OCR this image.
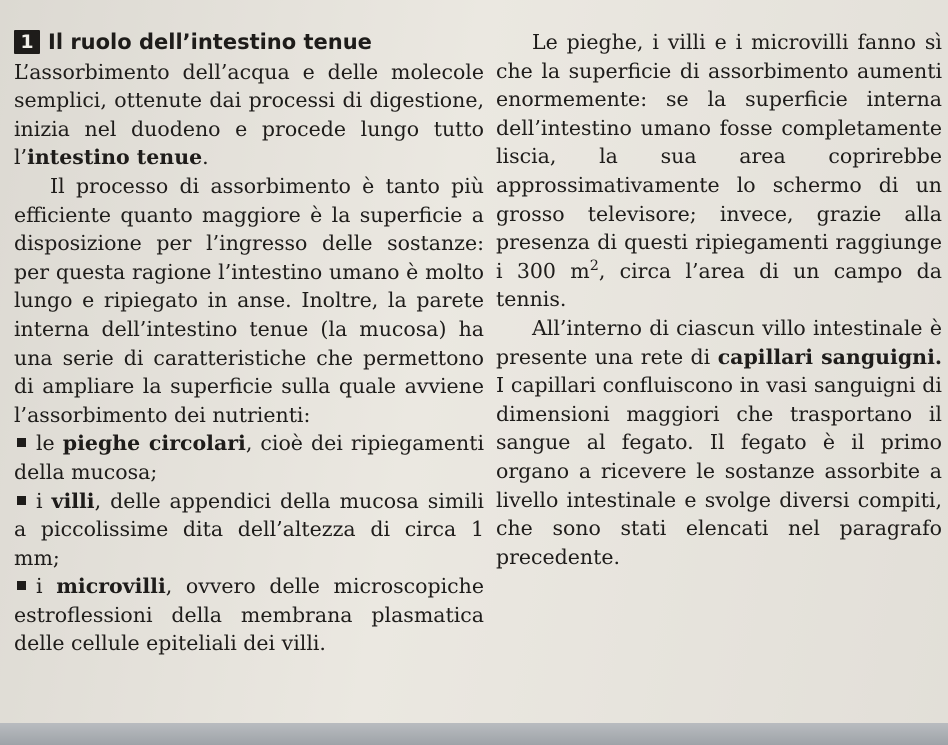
1 Il ruolo dell’intestino tenue

L’assorbimento dell’acqua e delle molecole semplici, ottenute dai processi di digestione, inizia nel duodeno e procede lungo tutto l’intestino tenue.

Il processo di assorbimento è tanto più efficiente quanto maggiore è la superficie a disposizione per l’ingresso delle sostanze: per questa ragione l’intestino umano è molto lungo e ripiegato in anse. Inoltre, la parete interna dell’intestino tenue (la mucosa) ha una serie di caratteristiche che permettono di ampliare la superficie sulla quale avviene l’assorbimento dei nutrienti:

le pieghe circolari, cioè dei ripiegamenti della mucosa;
i villi, delle appendici della mucosa simili a piccolissime dita dell’altezza di circa 1 mm;
i microvilli, ovvero delle microscopiche estroflessioni della membrana plasmatica delle cellule epiteliali dei villi.

Le pieghe, i villi e i microvilli fanno sì che la superficie di assorbimento aumenti enormemente: se la superficie interna dell’intestino umano fosse completamente liscia, la sua area coprirebbe approssimativamente lo schermo di un grosso televisore; invece, grazie alla presenza di questi ripiegamenti raggiunge i 300 $m^2$, circa l’area di un campo da tennis.

All’interno di ciascun villo intestinale è presente una rete di capillari sanguigni. I capillari confluiscono in vasi sanguigni di dimensioni maggiori che trasportano il sangue al fegato. Il fegato è il primo organo a ricevere le sostanze assorbite a livello intestinale e svolge diversi compiti, che sono stati elencati nel paragrafo precedente.
